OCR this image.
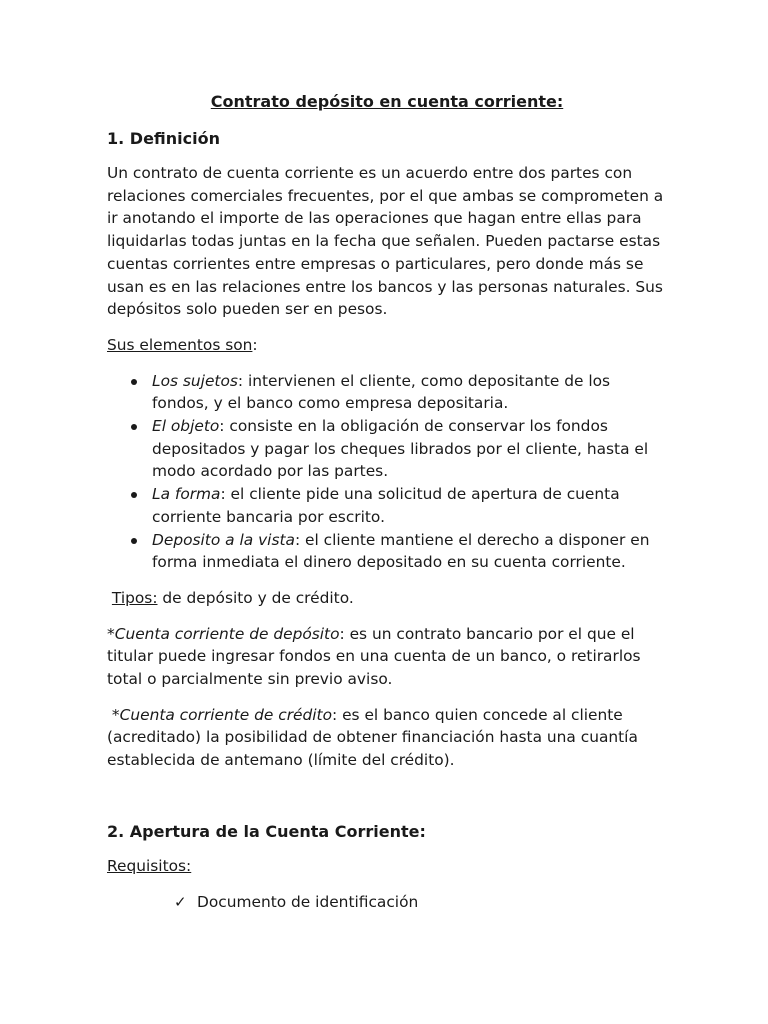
Contrato depósito en cuenta corriente:
1. Definición

Un contrato de cuenta corriente es un acuerdo entre dos partes con relaciones comerciales frecuentes, por el que ambas se comprometen a ir anotando el importe de las operaciones que hagan entre ellas para liquidarlas todas juntas en la fecha que señalen. Pueden pactarse estas cuentas corrientes entre empresas o particulares, pero donde más se usan es en las relaciones entre los bancos y las personas naturales. Sus depósitos solo pueden ser en pesos.

Sus elementos son:

Los sujetos: intervienen el cliente, como depositante de los fondos, y el banco como empresa depositaria.
El objeto: consiste en la obligación de conservar los fondos depositados y pagar los cheques librados por el cliente, hasta el modo acordado por las partes.
La forma: el cliente pide una solicitud de apertura de cuenta corriente bancaria por escrito.
Deposito a la vista: el cliente mantiene el derecho a disponer en forma inmediata el dinero depositado en su cuenta corriente.

Tipos: de depósito y de crédito.

*Cuenta corriente de depósito: es un contrato bancario por el que el titular puede ingresar fondos en una cuenta de un banco, o retirarlos total o parcialmente sin previo aviso.

*Cuenta corriente de crédito: es el banco quien concede al cliente (acreditado) la posibilidad de obtener financiación hasta una cuantía establecida de antemano (límite del crédito).

2. Apertura de la Cuenta Corriente:

Requisitos:

✓ Documento de identificación
